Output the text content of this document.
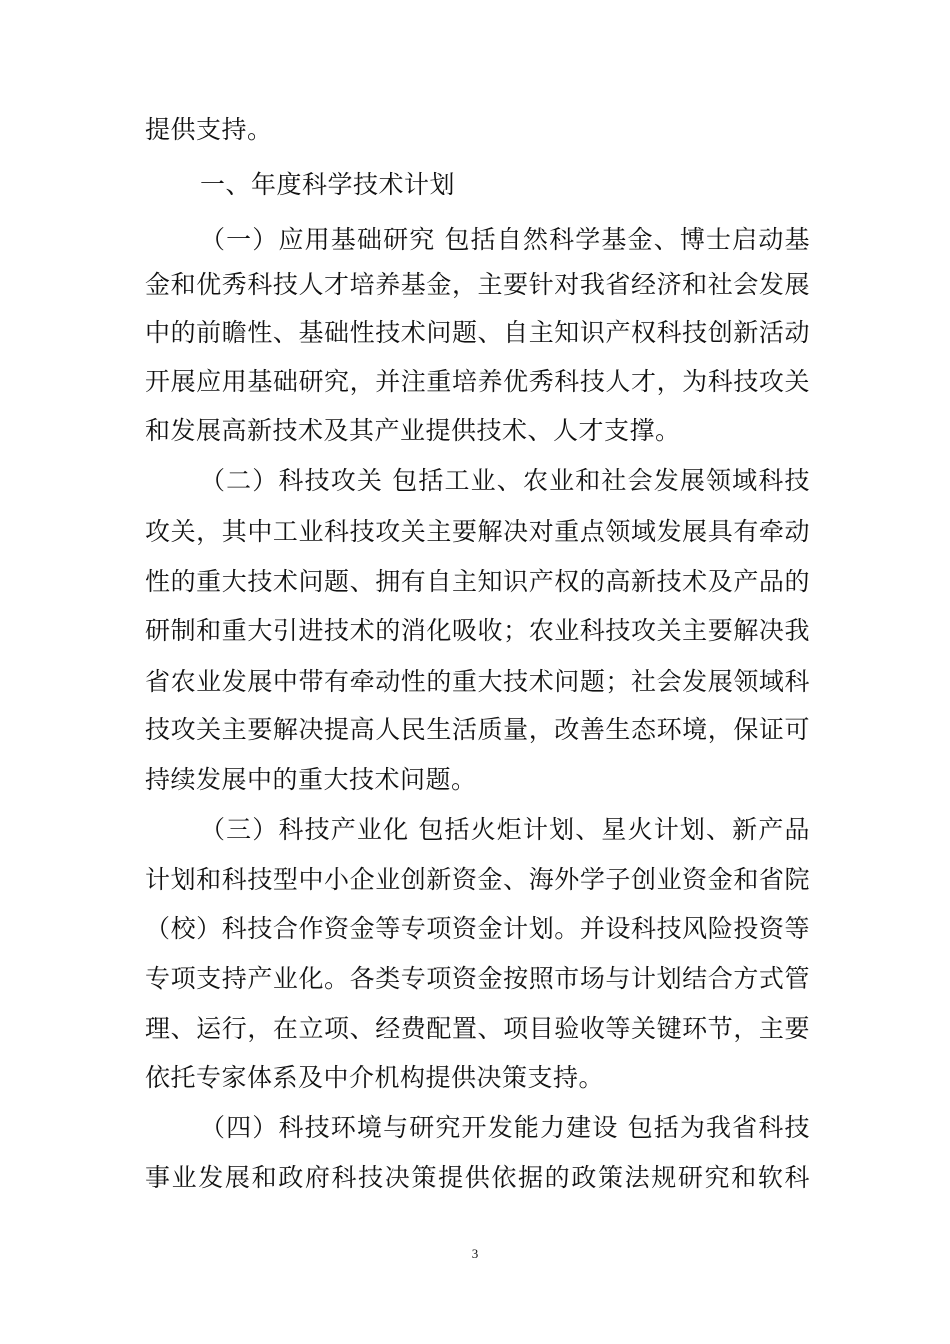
提供支持。
一、年度科学技术计划
（一）应用基础研究 包括自然科学基金、博士启动基
金和优秀科技人才培养基金，主要针对我省经济和社会发展
中的前瞻性、基础性技术问题、自主知识产权科技创新活动
开展应用基础研究，并注重培养优秀科技人才，为科技攻关
和发展高新技术及其产业提供技术、人才支撑。
（二）科技攻关 包括工业、农业和社会发展领域科技
攻关，其中工业科技攻关主要解决对重点领域发展具有牵动
性的重大技术问题、拥有自主知识产权的高新技术及产品的
研制和重大引进技术的消化吸收；农业科技攻关主要解决我
省农业发展中带有牵动性的重大技术问题；社会发展领域科
技攻关主要解决提高人民生活质量，改善生态环境，保证可
持续发展中的重大技术问题。
（三）科技产业化 包括火炬计划、星火计划、新产品
计划和科技型中小企业创新资金、海外学子创业资金和省院
（校）科技合作资金等专项资金计划。并设科技风险投资等
专项支持产业化。各类专项资金按照市场与计划结合方式管
理、运行，在立项、经费配置、项目验收等关键环节，主要
依托专家体系及中介机构提供决策支持。
（四）科技环境与研究开发能力建设 包括为我省科技
事业发展和政府科技决策提供依据的政策法规研究和软科
3
